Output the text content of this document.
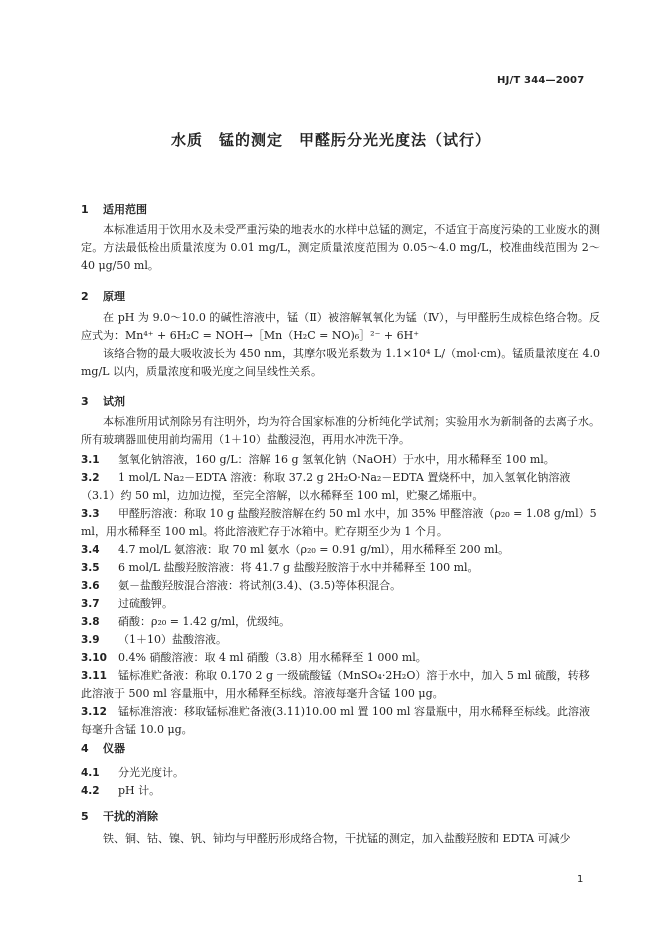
HJ/T 344—2007

水质　锰的测定　甲醛肟分光光度法（试行）
1 适用范围

本标准适用于饮用水及未受严重污染的地表水的水样中总锰的测定，不适宜于高度污染的工业废水的测定。方法最低检出质量浓度为 0.01 mg/L，测定质量浓度范围为 0.05～4.0 mg/L，校准曲线范围为 2～40 μg/50 ml。

2 原理

在 pH 为 9.0～10.0 的碱性溶液中，锰（Ⅱ）被溶解氧氧化为锰（Ⅳ），与甲醛肟生成棕色络合物。反应式为：Mn⁴⁺ + 6H₂C = NOH→［Mn（H₂C = NO)₆］²⁻ + 6H⁺

该络合物的最大吸收波长为 450 nm，其摩尔吸光系数为 1.1×10⁴ L/（mol·cm)。锰质量浓度在 4.0 mg/L 以内，质量浓度和吸光度之间呈线性关系。

3 试剂

本标准所用试剂除另有注明外，均为符合国家标准的分析纯化学试剂；实验用水为新制备的去离子水。所有玻璃器皿使用前均需用（1＋10）盐酸浸泡，再用水冲洗干净。

3.1 氢氧化钠溶液，160 g/L：溶解 16 g 氢氧化钠（NaOH）于水中，用水稀释至 100 ml。

3.2 1 mol/L Na₂－EDTA 溶液：称取 37.2 g 2H₂O·Na₂－EDTA 置烧杯中，加入氢氧化钠溶液（3.1）约 50 ml，边加边搅，至完全溶解，以水稀释至 100 ml，贮聚乙烯瓶中。

3.3 甲醛肟溶液：称取 10 g 盐酸羟胺溶解在约 50 ml 水中，加 35% 甲醛溶液（ρ₂₀ = 1.08 g/ml）5 ml，用水稀释至 100 ml。将此溶液贮存于冰箱中。贮存期至少为 1 个月。

3.4 4.7 mol/L 氨溶液：取 70 ml 氨水（ρ₂₀ = 0.91 g/ml），用水稀释至 200 ml。

3.5 6 mol/L 盐酸羟胺溶液：将 41.7 g 盐酸羟胺溶于水中并稀释至 100 ml。

3.6 氨－盐酸羟胺混合溶液：将试剂(3.4)、(3.5)等体积混合。

3.7 过硫酸钾。

3.8 硝酸：ρ₂₀ = 1.42 g/ml，优级纯。

3.9 （1＋10）盐酸溶液。

3.10 0.4% 硝酸溶液：取 4 ml 硝酸（3.8）用水稀释至 1 000 ml。

3.11 锰标准贮备液：称取 0.170 2 g 一级硫酸锰（MnSO₄·2H₂O）溶于水中，加入 5 ml 硫酸，转移此溶液于 500 ml 容量瓶中，用水稀释至标线。溶液每毫升含锰 100 μg。

3.12 锰标准溶液：移取锰标准贮备液(3.11)10.00 ml 置 100 ml 容量瓶中，用水稀释至标线。此溶液每毫升含锰 10.0 μg。

4 仪器

4.1 分光光度计。

4.2 pH 计。

5 干扰的消除

铁、铜、钴、镍、钒、铈均与甲醛肟形成络合物，干扰锰的测定，加入盐酸羟胺和 EDTA 可减少

1
